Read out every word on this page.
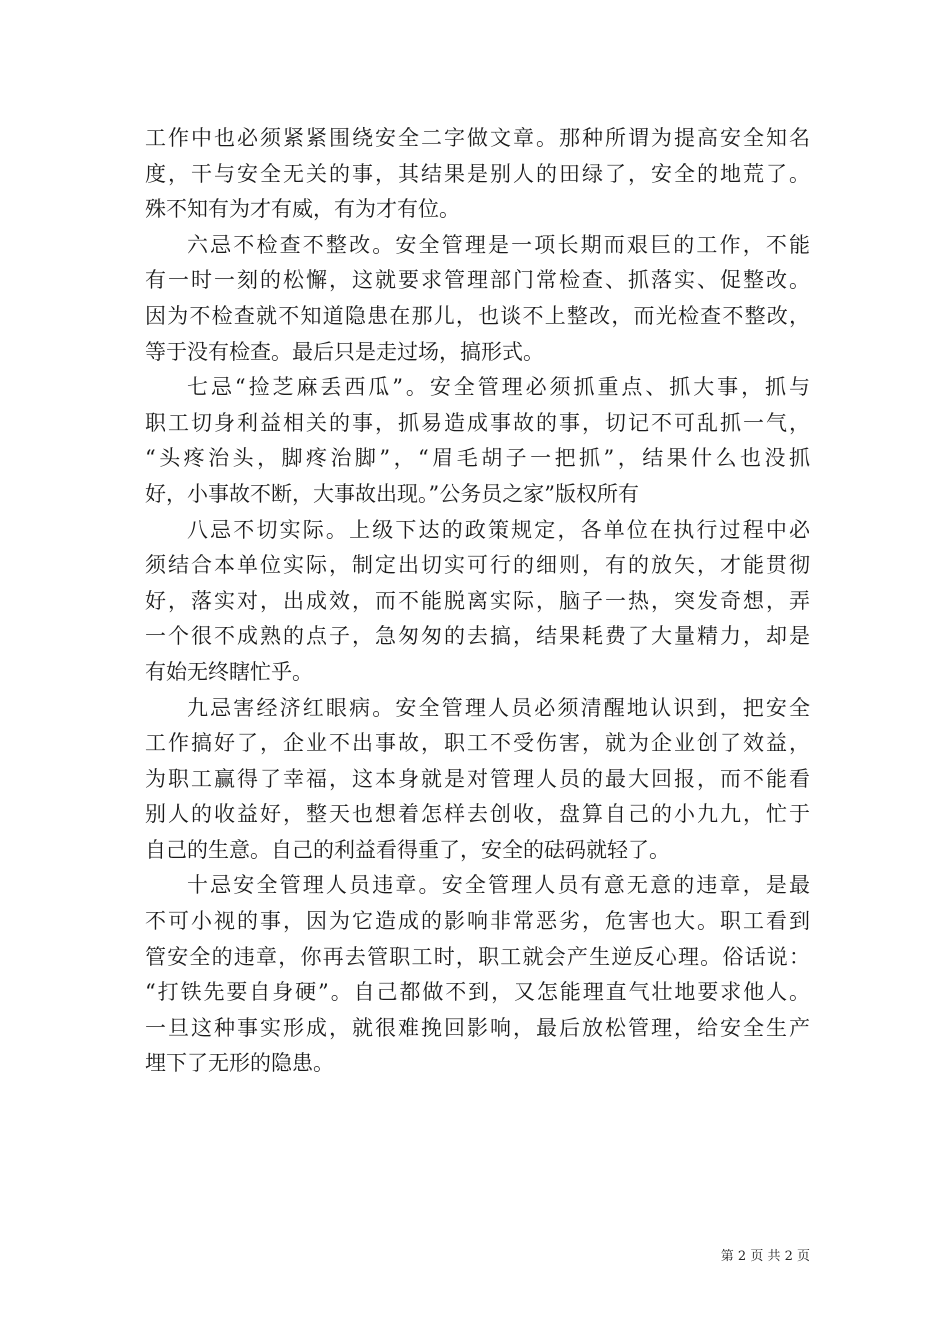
工作中也必须紧紧围绕安全二字做文章。那种所谓为提高安全知名
度，干与安全无关的事，其结果是别人的田绿了，安全的地荒了。
殊不知有为才有威，有为才有位。
六忌不检查不整改。安全管理是一项长期而艰巨的工作，不能
有一时一刻的松懈，这就要求管理部门常检查、抓落实、促整改。
因为不检查就不知道隐患在那儿，也谈不上整改，而光检查不整改，
等于没有检查。最后只是走过场，搞形式。
七忌“捡芝麻丢西瓜”。安全管理必须抓重点、抓大事，抓与
职工切身利益相关的事，抓易造成事故的事，切记不可乱抓一气，
“头疼治头，脚疼治脚”，“眉毛胡子一把抓”，结果什么也没抓
好，小事故不断，大事故出现。”公务员之家”版权所有
八忌不切实际。上级下达的政策规定，各单位在执行过程中必
须结合本单位实际，制定出切实可行的细则，有的放矢，才能贯彻
好，落实对，出成效，而不能脱离实际，脑子一热，突发奇想，弄
一个很不成熟的点子，急匆匆的去搞，结果耗费了大量精力，却是
有始无终瞎忙乎。
九忌害经济红眼病。安全管理人员必须清醒地认识到，把安全
工作搞好了，企业不出事故，职工不受伤害，就为企业创了效益，
为职工赢得了幸福，这本身就是对管理人员的最大回报，而不能看
别人的收益好，整天也想着怎样去创收，盘算自己的小九九，忙于
自己的生意。自己的利益看得重了，安全的砝码就轻了。
十忌安全管理人员违章。安全管理人员有意无意的违章，是最
不可小视的事，因为它造成的影响非常恶劣，危害也大。职工看到
管安全的违章，你再去管职工时，职工就会产生逆反心理。俗话说：
“打铁先要自身硬”。自己都做不到，又怎能理直气壮地要求他人。
一旦这种事实形成，就很难挽回影响，最后放松管理，给安全生产
埋下了无形的隐患。
第 2 页 共 2 页
